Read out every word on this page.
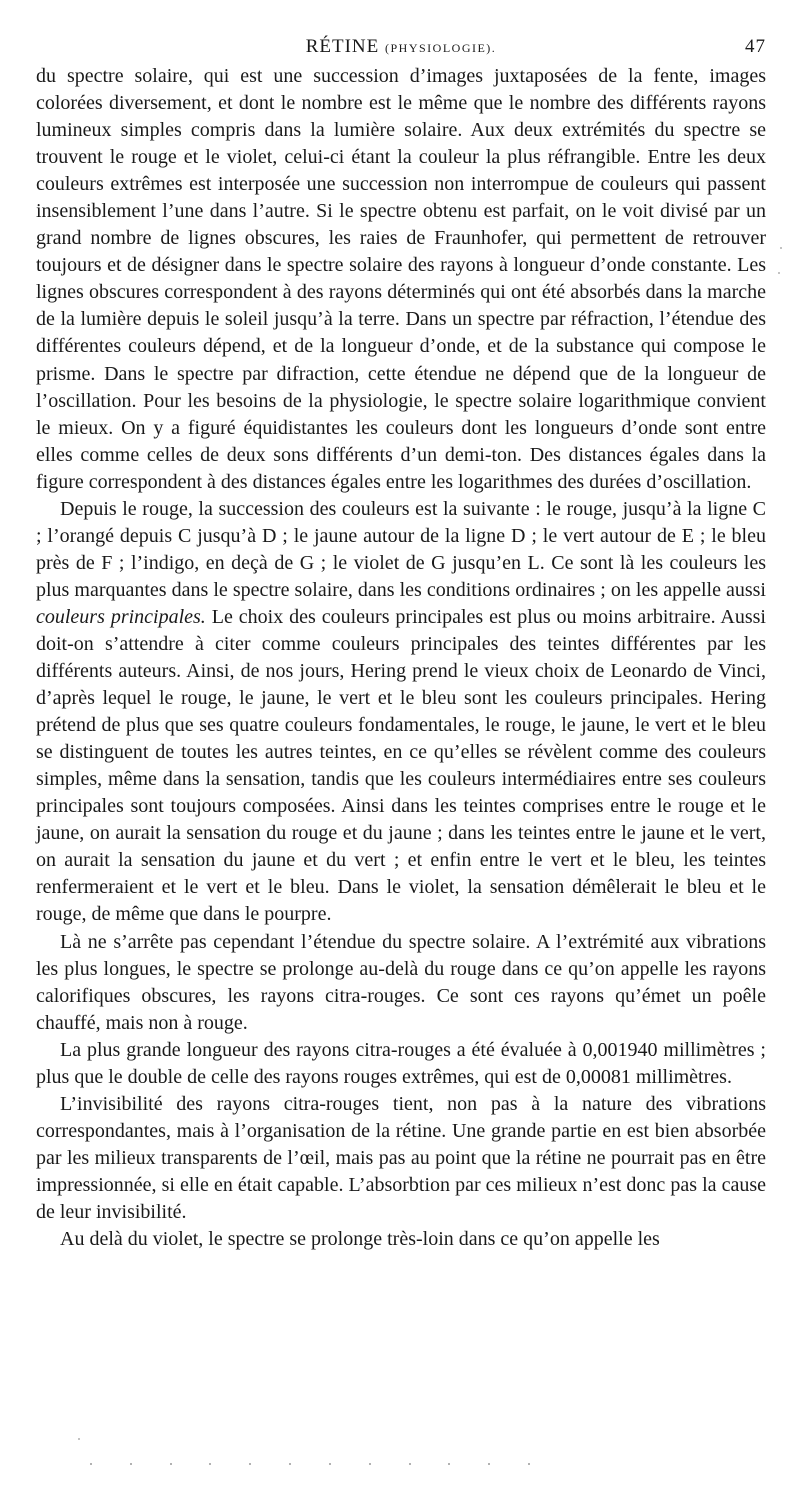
RÉTINE (PHYSIOLOGIE).	47

du spectre solaire, qui est une succession d’images juxtaposées de la fente, images colorées diversement, et dont le nombre est le même que le nombre des différents rayons lumineux simples compris dans la lumière solaire. Aux deux extrémités du spectre se trouvent le rouge et le violet, celui-ci étant la couleur la plus réfrangible. Entre les deux couleurs extrêmes est interposée une succession non interrompue de couleurs qui passent insensiblement l’une dans l’autre. Si le spectre obtenu est parfait, on le voit divisé par un grand nombre de lignes obscures, les raies de Fraunhofer, qui permettent de retrouver toujours et de désigner dans le spectre solaire des rayons à longueur d’onde constante. Les lignes obscures correspondent à des rayons déterminés qui ont été absorbés dans la marche de la lumière depuis le soleil jusqu’à la terre. Dans un spectre par réfraction, l’étendue des différentes couleurs dépend, et de la longueur d’onde, et de la substance qui compose le prisme. Dans le spectre par difraction, cette étendue ne dépend que de la longueur de l’oscillation. Pour les besoins de la physiologie, le spectre solaire logarithmique convient le mieux. On y a figuré équidistantes les couleurs dont les longueurs d’onde sont entre elles comme celles de deux sons différents d’un demi-ton. Des distances égales dans la figure correspondent à des distances égales entre les logarithmes des durées d’oscillation.

Depuis le rouge, la succession des couleurs est la suivante : le rouge, jusqu’à la ligne C ; l’orangé depuis C jusqu’à D ; le jaune autour de la ligne D ; le vert autour de E ; le bleu près de F ; l’indigo, en deçà de G ; le violet de G jusqu’en L. Ce sont là les couleurs les plus marquantes dans le spectre solaire, dans les conditions ordinaires ; on les appelle aussi couleurs principales. Le choix des couleurs principales est plus ou moins arbitraire. Aussi doit-on s’attendre à citer comme couleurs principales des teintes différentes par les différents auteurs. Ainsi, de nos jours, Hering prend le vieux choix de Leonardo de Vinci, d’après lequel le rouge, le jaune, le vert et le bleu sont les couleurs principales. Hering prétend de plus que ses quatre couleurs fondamentales, le rouge, le jaune, le vert et le bleu se distinguent de toutes les autres teintes, en ce qu’elles se révèlent comme des couleurs simples, même dans la sensation, tandis que les couleurs intermédiaires entre ses couleurs principales sont toujours composées. Ainsi dans les teintes comprises entre le rouge et le jaune, on aurait la sensation du rouge et du jaune ; dans les teintes entre le jaune et le vert, on aurait la sensation du jaune et du vert ; et enfin entre le vert et le bleu, les teintes renfermeraient et le vert et le bleu. Dans le violet, la sensation démêlerait le bleu et le rouge, de même que dans le pourpre.

Là ne s’arrête pas cependant l’étendue du spectre solaire. A l’extrémité aux vibrations les plus longues, le spectre se prolonge au-delà du rouge dans ce qu’on appelle les rayons calorifiques obscures, les rayons citra-rouges. Ce sont ces rayons qu’émet un poêle chauffé, mais non à rouge.

La plus grande longueur des rayons citra-rouges a été évaluée à 0,001940 millimètres ; plus que le double de celle des rayons rouges extrêmes, qui est de 0,00081 millimètres.

L’invisibilité des rayons citra-rouges tient, non pas à la nature des vibrations correspondantes, mais à l’organisation de la rétine. Une grande partie en est bien absorbée par les milieux transparents de l’œil, mais pas au point que la rétine ne pourrait pas en être impressionnée, si elle en était capable. L’absorbtion par ces milieux n’est donc pas la cause de leur invisibilité.

Au delà du violet, le spectre se prolonge très-loin dans ce qu’on appelle les
